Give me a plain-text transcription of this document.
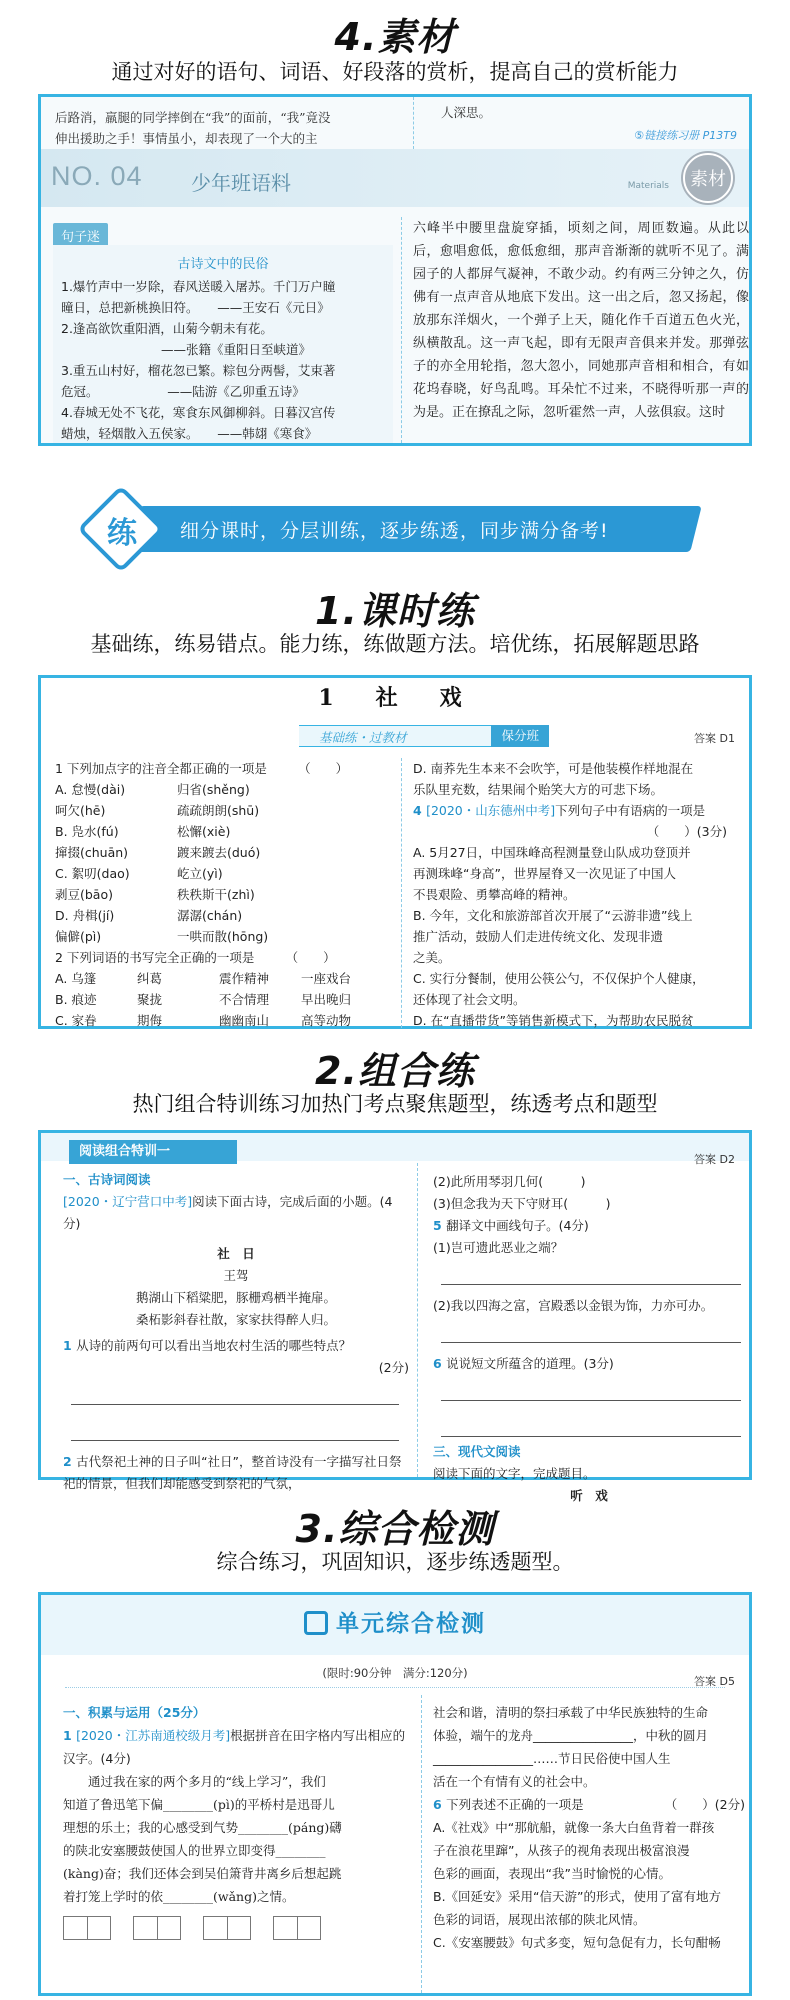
4.素材
通过对好的语句、词语、好段落的赏析，提高自己的赏析能力
后路消，羸腿的同学摔倒在“我”的面前，“我”竟没
伸出援助之手！事情虽小，却表现了一个大的主
人深思。
⑤链接练习册 P13T9
NO. 04 少年班语料	Materials	素材
句子迷
古诗文中的民俗
1.爆竹声中一岁除，春风送暖入屠苏。千门万户瞳
曈日，总把新桃换旧符。　　——王安石《元日》
2.逢高欲饮重阳酒，山菊今朝未有花。
　　　　　　　　——张籍《重阳日至峡道》
3.重五山村好，榴花忽已繁。粽包分两髻，艾束著
危冠。　　　　　　——陆游《乙卯重五诗》
4.春城无处不飞花，寒食东风御柳斜。日暮汉宫传
蜡烛，轻烟散入五侯家。　　——韩翃《寒食》
六峰半中腰里盘旋穿插，顷刻之间，周匝数遍。从此以后，愈唱愈低，愈低愈细，那声音渐渐的就听不见了。满园子的人都屏气凝神，不敢少动。约有两三分钟之久，仿佛有一点声音从地底下发出。这一出之后，忽又扬起，像放那东洋烟火，一个弹子上天，随化作千百道五色火光，纵横散乱。这一声飞起，即有无限声音俱来并发。那弹弦子的亦全用轮指，忽大忽小，同她那声音相和相合，有如花坞春晓，好鸟乱鸣。耳朵忙不过来，不晓得听那一声的为是。正在撩乱之际，忽听霍然一声，人弦俱寂。这时
细分课时，分层训练，逐步练透，同步满分备考!
练
1.课时练
基础练，练易错点。能力练，练做题方法。培优练，拓展解题思路
1　社　戏
基础练・过教材	保分班	答案 D1
1 下列加点字的注音全都正确的一项是　　　（　　）
A. 怠慢(dài)	归省(shěng)
呵欠(hē)	疏疏朗朗(shū)
B. 凫水(fú)	松懈(xiè)
撺掇(chuān)	踱来踱去(duó)
C. 絮叨(dao)	屹立(yì)
剥豆(bāo)	秩秩斯干(zhì)
D. 舟楫(jí)	潺潺(chán)
偏僻(pì)	一哄而散(hōng)
2 下列词语的书写完全正确的一项是　　　（　　）
A. 乌篷	纠葛	震作精神	一座戏台
B. 痕迹	聚拢	不合情理	早出晚归
C. 家眷	期侮	幽幽南山	高等动物
D. 南荞先生本来不会吹竽，可是他装模作样地混在
乐队里充数，结果闹个贻笑大方的可悲下场。
4 [2020・山东德州中考]下列句子中有语病的一项是
（　　）(3分)
A. 5月27日，中国珠峰高程测量登山队成功登顶并
再测珠峰“身高”，世界屋脊又一次见证了中国人
不畏艰险、勇攀高峰的精神。
B. 今年，文化和旅游部首次开展了“云游非遗”线上
推广活动，鼓励人们走进传统文化、发现非遗
之美。
C. 实行分餐制，使用公筷公勺，不仅保护个人健康，
还体现了社会文明。
D. 在“直播带货”等销售新模式下，为帮助农民脱贫
2.组合练
热门组合特训练习加热门考点聚焦题型，练透考点和题型
阅读组合特训一
答案 D2
一、古诗词阅读
[2020・辽宁营口中考]阅读下面古诗，完成后面的小题。(4分)
社　日
王驾
鹅湖山下稻粱肥，豚栅鸡栖半掩扉。
桑柘影斜春社散，家家扶得醉人归。
1 从诗的前两句可以看出当地农村生活的哪些特点？
(2分)
2 古代祭祀土神的日子叫“社日”，整首诗没有一字描写社日祭祀的情景，但我们却能感受到祭祀的气氛，
(2)此所用琴羽几何(　　　)
(3)但念我为天下守财耳(　　　)
5 翻译文中画线句子。(4分)
(1)岂可遗此恶业之端？
(2)我以四海之富，宫殿悉以金银为饰，力亦可办。
6 说说短文所蕴含的道理。(3分)
三、现代文阅读
阅读下面的文字，完成题目。
听　戏
3.综合检测
综合练习，巩固知识，逐步练透题型。
单元综合检测
(限时:90分钟　满分:120分)
答案 D5
一、积累与运用（25分）
1 [2020・江苏南通校级月考]根据拼音在田字格内写出相应的汉字。(4分)
　　通过我在家的两个多月的“线上学习”，我们
知道了鲁迅笔下偏________(pì)的平桥村是迅哥儿
理想的乐土；我的心感受到气势________(páng)礴
的陕北安塞腰鼓使国人的世界立即变得________
(kàng)奋；我们还体会到吴伯箫背井离乡后想起跳
着打笼上学时的依________(wǎng)之情。
社会和谐，清明的祭扫承载了中华民族独特的生命
体验，端午的龙舟________________，中秋的圆月
________________……节日民俗使中国人生
活在一个有情有义的社会中。
6 下列表述不正确的一项是	（　　）(2分)
A.《社戏》中“那航船，就像一条大白鱼背着一群孩
子在浪花里蹿”，从孩子的视角表现出极富浪漫
色彩的画面，表现出“我”当时愉悦的心情。
B.《回延安》采用“信天游”的形式，使用了富有地方
色彩的词语，展现出浓郁的陕北风情。
C.《安塞腰鼓》句式多变，短句急促有力，长句酣畅
